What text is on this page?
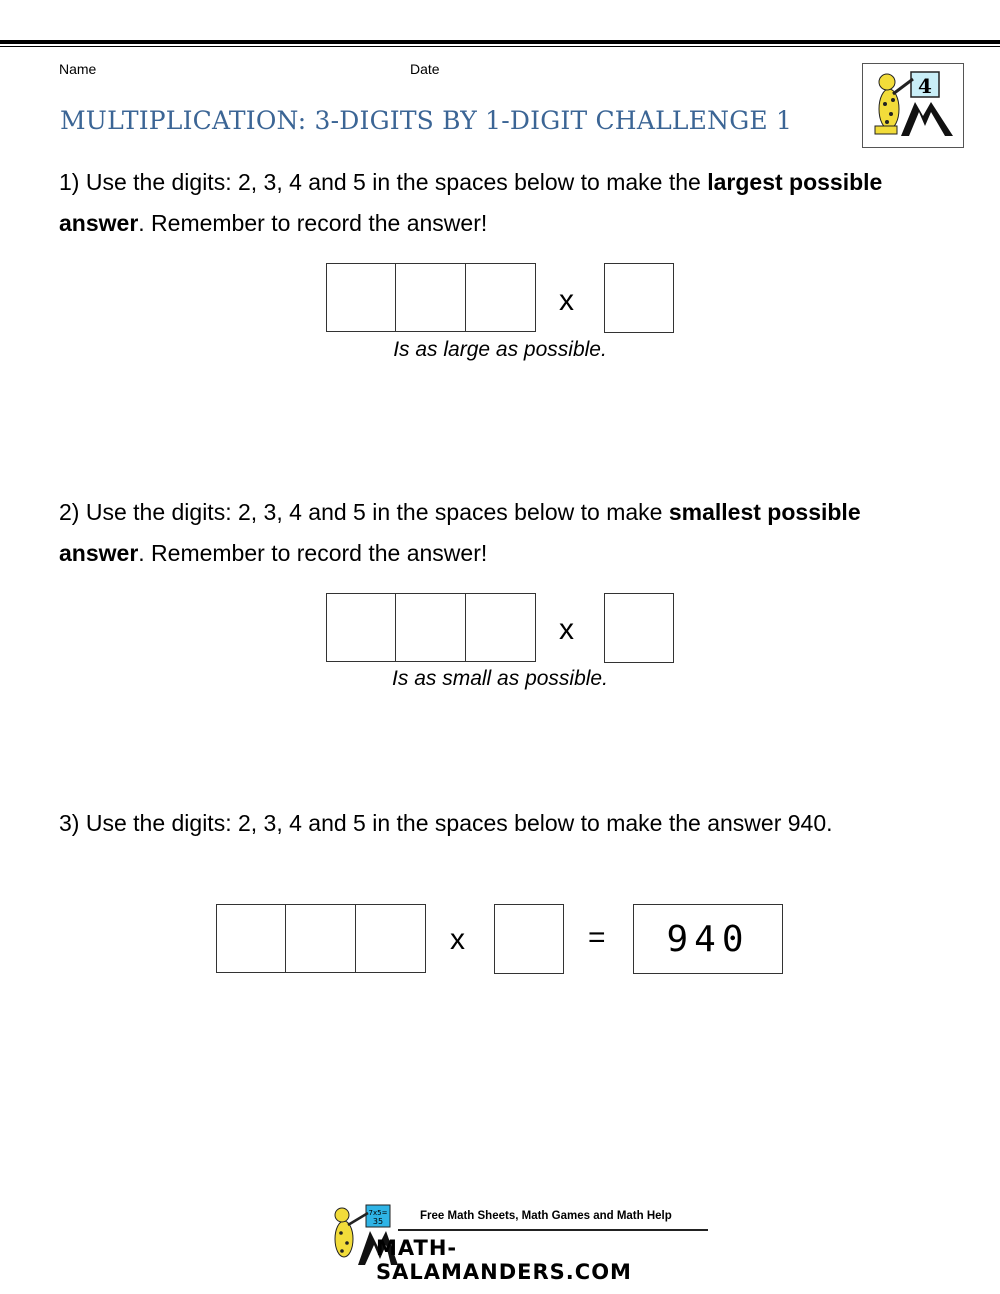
Name	Date
MULTIPLICATION: 3-DIGITS BY 1-DIGIT CHALLENGE 1
4
1) Use the digits: 2, 3, 4 and 5 in the spaces below to make the largest possible answer. Remember to record the answer!
x
Is as large as possible.
2) Use the digits: 2, 3, 4 and 5 in the spaces below to make smallest possible answer. Remember to record the answer!
x
Is as small as possible.
3) Use the digits: 2, 3, 4 and 5 in the spaces below to make the answer 940.
x	=	940
7x5=
35	Free Math Sheets, Math Games and Math Help
MATH-SALAMANDERS.COM
